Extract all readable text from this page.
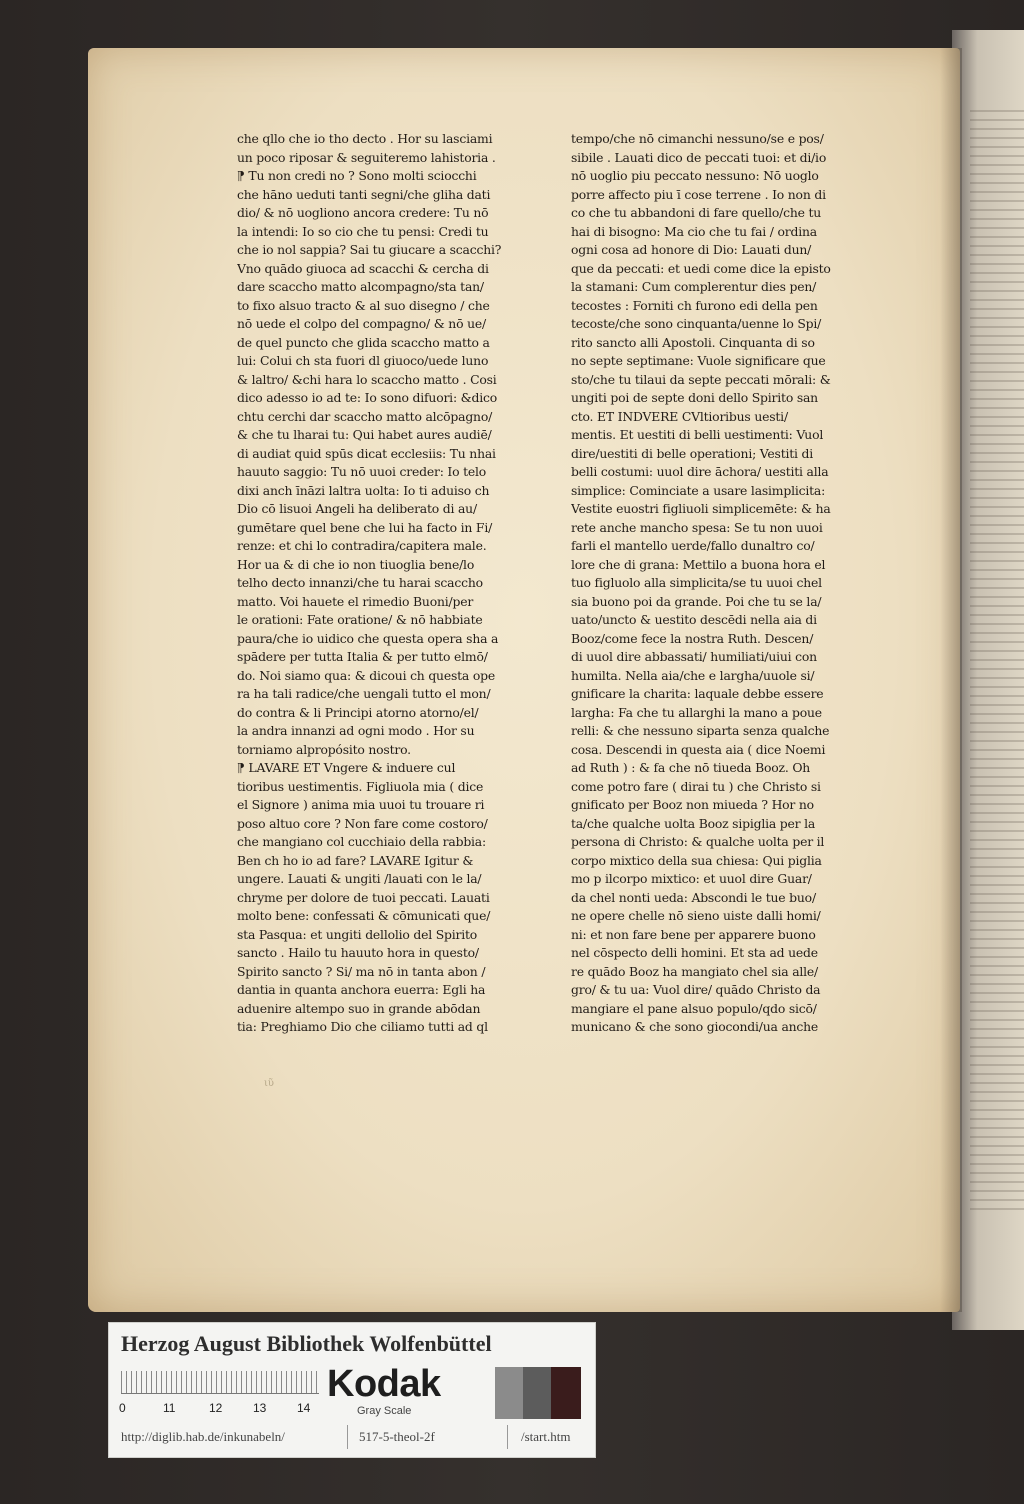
che qllo che io tho decto . Hor su lasciami
un poco riposar & seguiteremo lahistoria .
⁋ Tu non credi no ? Sono molti sciocchi
che hāno ueduti tanti segni/che gliha dati
dio/ & nō uogliono ancora credere: Tu nō
la intendi: Io so cio che tu pensi: Credi tu
che io nol sappia? Sai tu giucare a scacchi?
Vno quādo giuoca ad scacchi & cercha di
dare scaccho matto alcompagno/sta tan/
to fixo alsuo tracto & al suo disegno / che
nō uede el colpo del compagno/ & nō ue/
de quel puncto che glida scaccho matto a
lui: Colui ch sta fuori dl giuoco/uede luno
& laltro/ &chi hara lo scaccho matto . Cosi
dico adesso io ad te: Io sono difuori: &dico
chtu cerchi dar scaccho matto alcōpagno/
& che tu lharai tu: Qui habet aures audiē/
di audiat quid spūs dicat ecclesiis: Tu nhai
hauuto saggio: Tu nō uuoi creder: Io telo
dixi anch īnāzi laltra uolta: Io ti aduiso ch
Dio cō lisuoi Angeli ha deliberato di au/
gumētare quel bene che lui ha facto in Fi/
renze: et chi lo contradira/capitera male.
Hor ua & di che io non tiuoglia bene/lo
telho decto innanzi/che tu harai scaccho
matto. Voi hauete el rimedio Buoni/per
le orationi: Fate oratione/ & nō habbiate
paura/che io uidico che questa opera sha a
spādere per tutta Italia & per tutto elmō/
do. Noi siamo qua: & dicoui ch questa ope
ra ha tali radice/che uengali tutto el mon/
do contra & li Principi atorno atorno/el/
la andra innanzi ad ogni modo . Hor su
torniamo alpropósito nostro.
⁋ LAVARE ET Vngere & induere cul
tioribus uestimentis. Figliuola mia ( dice
el Signore ) anima mia uuoi tu trouare ri
poso altuo core ? Non fare come costoro/
che mangiano col cucchiaio della rabbia:
Ben ch ho io ad fare? LAVARE Igitur &
ungere. Lauati & ungiti /lauati con le la/
chryme per dolore de tuoi peccati. Lauati
molto bene: confessati & cōmunicati que/
sta Pasqua: et ungiti dellolio del Spirito
sancto . Hailo tu hauuto hora in questo/
Spirito sancto ? Si/ ma nō in tanta abon /
dantia in quanta anchora euerra: Egli ha
aduenire altempo suo in grande abōdan
tia: Preghiamo Dio che ciliamo tutti ad ql
tempo/che nō cimanchi nessuno/se e pos/
sibile . Lauati dico de peccati tuoi: et di/io
nō uoglio piu peccato nessuno: Nō uoglo
porre affecto piu ī cose terrene . Io non di
co che tu abbandoni di fare quello/che tu
hai di bisogno: Ma cio che tu fai / ordina
ogni cosa ad honore di Dio: Lauati dun/
que da peccati: et uedi come dice la epistο
la stamani: Cum complerentur dies pen/
tecostes : Forniti ch furono edi della pen
tecoste/che sono cinquanta/uenne lo Spi/
rito sancto alli Apostoli. Cinquanta di so
no septe septimane: Vuole significare que
sto/che tu tilaui da septe peccati mōrali: &
ungiti poi de septe doni dello Spirito san
cto. ET INDVERE CVltioribus uesti/
mentis. Et uestiti di belli uestimenti: Vuol
dire/uestiti di belle operationi; Vestiti di
belli costumi: uuol dire āchora/ uestiti alla
simplice: Cominciate a usare lasimplicita:
Vestite euostri figliuoli simplicemēte: & ha
rete anche mancho spesa: Se tu non uuoi
farli el mantello uerde/fallo dunaltro co/
lore che di grana: Mettilo a buona hora el
tuo figluolo alla simplicita/se tu uuoi chel
sia buono poi da grande. Poi che tu se la/
uato/uncto & uestito descēdi nella aia di
Booz/come fece la nostra Ruth. Descen/
di uuol dire abbassati/ humiliati/uiui con
humilta. Nella aia/che e largha/uuole si/
gnificare la charita: laquale debbe essere
largha: Fa che tu allarghi la mano a poue
relli: & che nessuno siparta senza qualche
cosa. Descendi in questa aia ( dice Noemi
ad Ruth ) : & fa che nō tiueda Booz. Oh
come potro fare ( dirai tu ) che Christo si
gnificato per Booz non miueda ? Hor no
ta/che qualche uolta Booz sipiglia per la
persona di Christo: & qualche uolta per il
corpo mixtico della sua chiesa: Qui piglia
mo p ilcorpo mixtico: et uuol dire Guar/
da chel nonti ueda: Abscondi le tue buo/
ne opere chelle nō sieno uiste dalli homi/
ni: et non fare bene per apparere buono
nel cōspecto delli homini. Et sta ad uede
re quādo Booz ha mangiato chel sia alle/
gro/ & tu ua: Vuol dire/ quādo Christo da
mangiare el pane alsuo populo/qdo sicō/
municano & che sono giocondi/ua anche
ιῦ
Herzog August Bibliothek Wolfenbüttel
0	11	12	13	14
Kodak
Gray Scale
http://diglib.hab.de/inkunabeln/	517-5-theol-2f	/start.htm
